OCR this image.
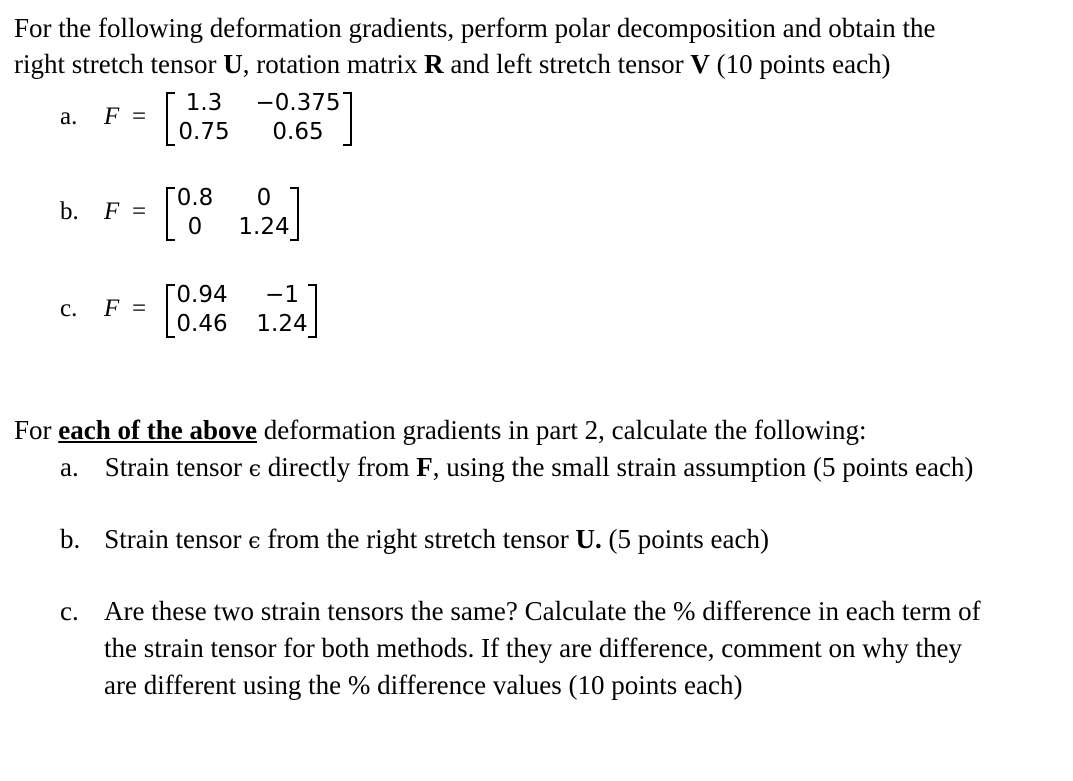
For the following deformation gradients, perform polar decomposition and obtain the
right stretch tensor U, rotation matrix R and left stretch tensor V (10 points each)
a. F =	1.3	−0.375
0.75	0.65
b. F = 0.8	0
0	1.24
c. F = 0.94	−1
0.46 1.24
For each of the above deformation gradients in part 2, calculate the following:
a. Strain tensor ϵ directly from F, using the small strain assumption (5 points each)
b. Strain tensor ϵ from the right stretch tensor U. (5 points each)
c. Are these two strain tensors the same? Calculate the % difference in each term of
the strain tensor for both methods. If they are difference, comment on why they
are different using the % difference values (10 points each)
